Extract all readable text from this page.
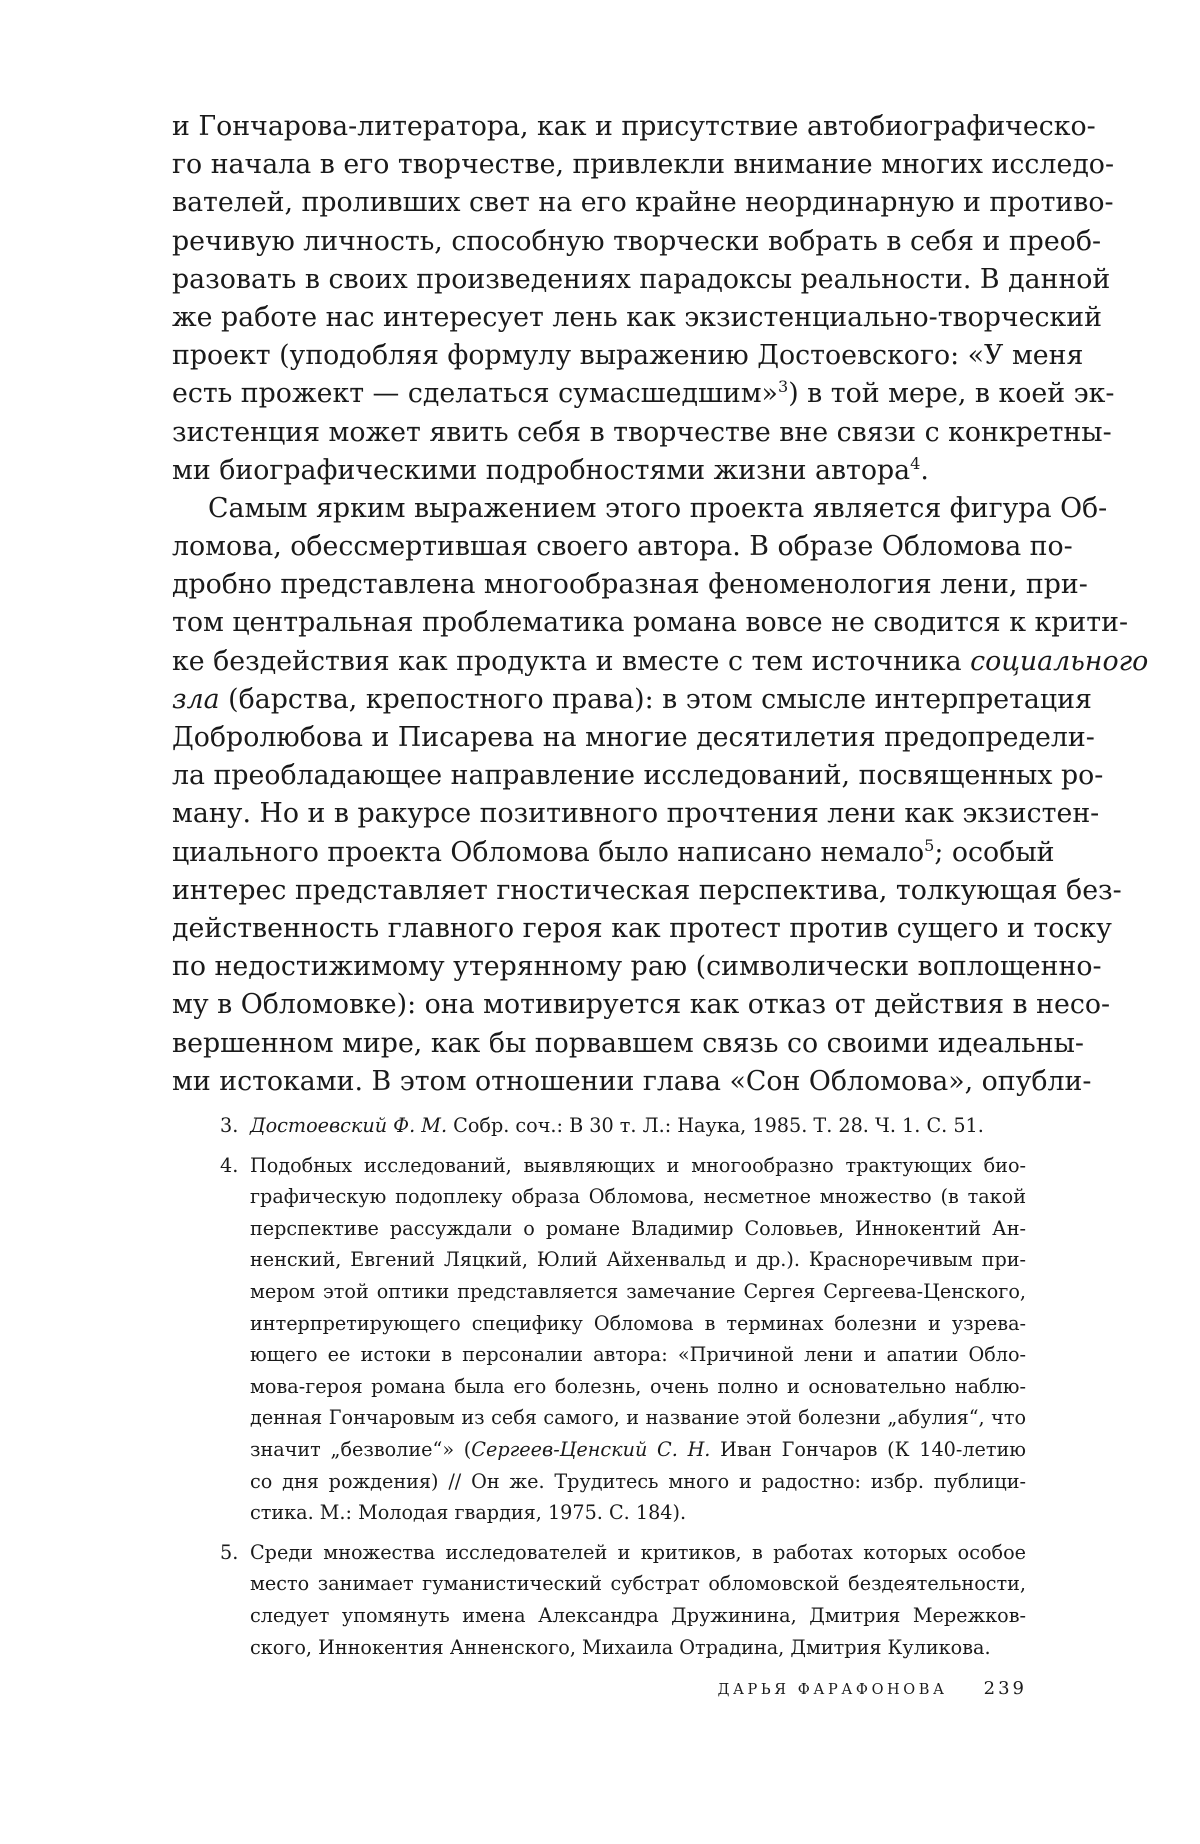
и Гончарова-литератора, как и присутствие автобиографическо-
го начала в его творчестве, привлекли внимание многих исследо-
вателей, проливших свет на его крайне неординарную и противо-
речивую личность, способную творчески вобрать в себя и преоб-
разовать в своих произведениях парадоксы реальности. В данной
же работе нас интересует лень как экзистенциально-творческий
проект (уподобляя формулу выражению Достоевского: «У меня
есть прожект — сделаться сумасшедшим»$^3$) в той мере, в коей эк-
зистенция может явить себя в творчестве вне связи с конкретны-
ми биографическими подробностями жизни автора$^4$.
Самым ярким выражением этого проекта является фигура Об-
ломова, обессмертившая своего автора. В образе Обломова по-
дробно представлена многообразная феноменология лени, при-
том центральная проблематика романа вовсе не сводится к крити-
ке бездействия как продукта и вместе с тем источника социального
зла (барства, крепостного права): в этом смысле интерпретация
Добролюбова и Писарева на многие десятилетия предопредели-
ла преобладающее направление исследований, посвященных ро-
ману. Но и в ракурсе позитивного прочтения лени как экзистен-
циального проекта Обломова было написано немало$^5$; особый
интерес представляет гностическая перспектива, толкующая без-
действенность главного героя как протест против сущего и тоску
по недостижимому утерянному раю (символически воплощенно-
му в Обломовке): она мотивируется как отказ от действия в несо-
вершенном мире, как бы порвавшем связь со своими идеальны-
ми истоками. В этом отношении глава «Сон Обломова», опубли-
3. Достоевский Ф. М. Собр. соч.: В 30 т. Л.: Наука, 1985. Т. 28. Ч. 1. С. 51.
4. Подобных исследований, выявляющих и многообразно трактующих био-
графическую подоплеку образа Обломова, несметное множество (в такой
перспективе рассуждали о романе Владимир Соловьев, Иннокентий Ан-
ненский, Евгений Ляцкий, Юлий Айхенвальд и др.). Красноречивым при-
мером этой оптики представляется замечание Сергея Сергеева-Ценского,
интерпретирующего специфику Обломова в терминах болезни и узрева-
ющего ее истоки в персоналии автора: «Причиной лени и апатии Обло-
мова-героя романа была его болезнь, очень полно и основательно наблю-
денная Гончаровым из себя самого, и название этой болезни „абулия“, что
значит „безволие“» (Сергеев-Ценский С. Н. Иван Гончаров (К 140-летию
со дня рождения) // Он же. Трудитесь много и радостно: избр. публици-
стика. М.: Молодая гвардия, 1975. С. 184).
5. Среди множества исследователей и критиков, в работах которых особое
место занимает гуманистический субстрат обломовской бездеятельности,
следует упомянуть имена Александра Дружинина, Дмитрия Мережков-
ского, Иннокентия Анненского, Михаила Отрадина, Дмитрия Куликова.
ДАРЬЯ ФАРАФОНОВА 239
